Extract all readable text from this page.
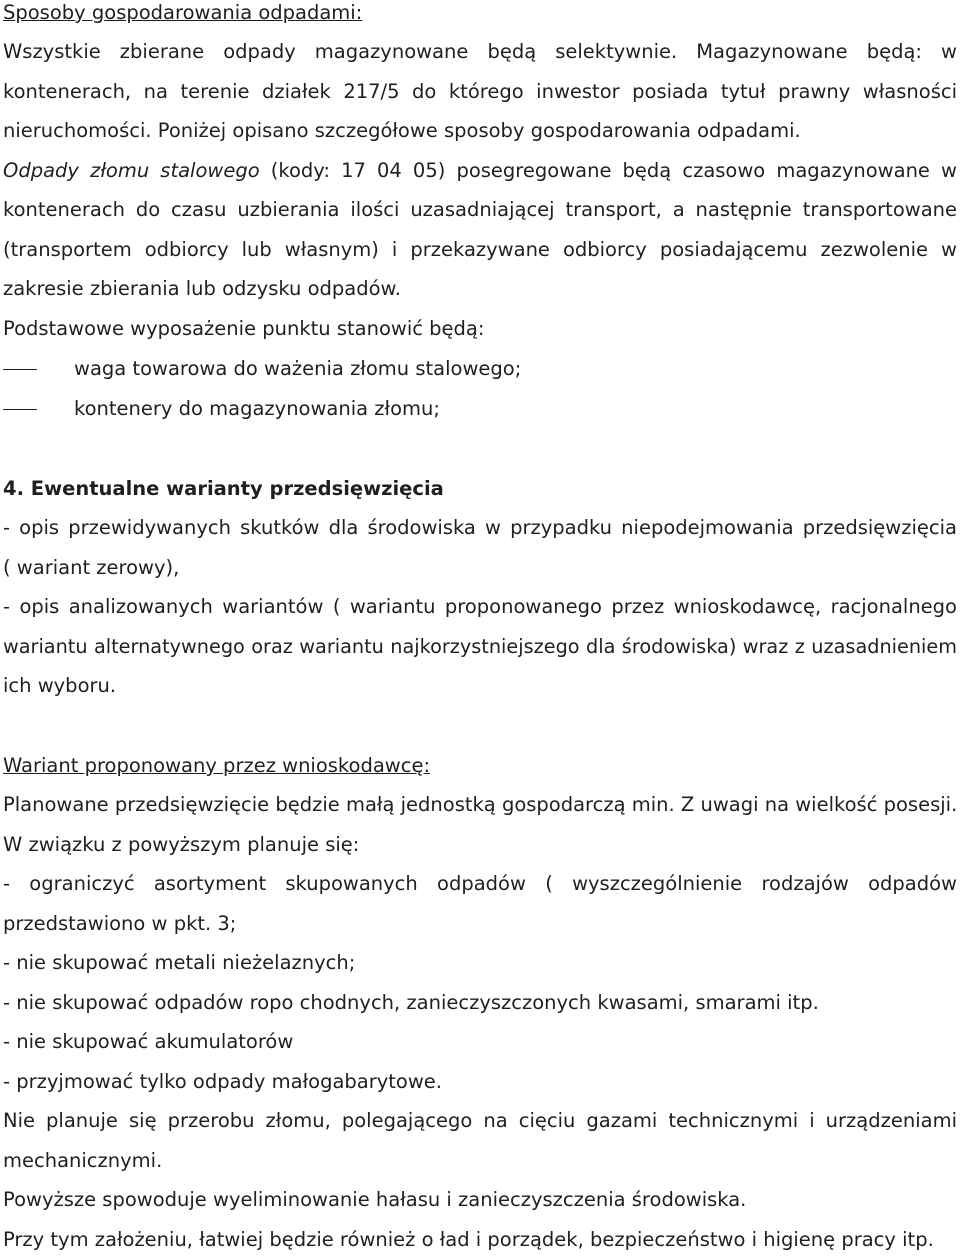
Sposoby gospodarowania odpadami:
Wszystkie zbierane odpady magazynowane będą selektywnie. Magazynowane będą: w
kontenerach, na terenie działek 217/5 do którego inwestor posiada tytuł prawny własności
nieruchomości. Poniżej opisano szczegółowe sposoby gospodarowania odpadami.
Odpady złomu stalowego (kody: 17 04 05) posegregowane będą czasowo magazynowane w
kontenerach do czasu uzbierania ilości uzasadniającej transport, a następnie transportowane
(transportem odbiorcy lub własnym) i przekazywane odbiorcy posiadającemu zezwolenie w
zakresie zbierania lub odzysku odpadów.
Podstawowe wyposażenie punktu stanowić będą:
waga towarowa do ważenia złomu stalowego;
kontenery do magazynowania złomu;
4. Ewentualne warianty przedsięwzięcia
- opis przewidywanych skutków dla środowiska w przypadku niepodejmowania przedsięwzięcia
( wariant zerowy),
- opis analizowanych wariantów ( wariantu proponowanego przez wnioskodawcę, racjonalnego
wariantu alternatywnego oraz wariantu najkorzystniejszego dla środowiska) wraz z uzasadnieniem
ich wyboru.
Wariant proponowany przez wnioskodawcę:
Planowane przedsięwzięcie będzie małą jednostką gospodarczą min. Z uwagi na wielkość posesji.
W związku z powyższym planuje się:
- ograniczyć asortyment skupowanych odpadów ( wyszczególnienie rodzajów odpadów
przedstawiono w pkt. 3;
- nie skupować metali nieżelaznych;
- nie skupować odpadów ropo chodnych, zanieczyszczonych kwasami, smarami itp.
- nie skupować akumulatorów
- przyjmować tylko odpady małogabarytowe.
Nie planuje się przerobu złomu, polegającego na cięciu gazami technicznymi i urządzeniami
mechanicznymi.
Powyższe spowoduje wyeliminowanie hałasu i zanieczyszczenia środowiska.
Przy tym założeniu, łatwiej będzie również o ład i porządek, bezpieczeństwo i higienę pracy itp.
